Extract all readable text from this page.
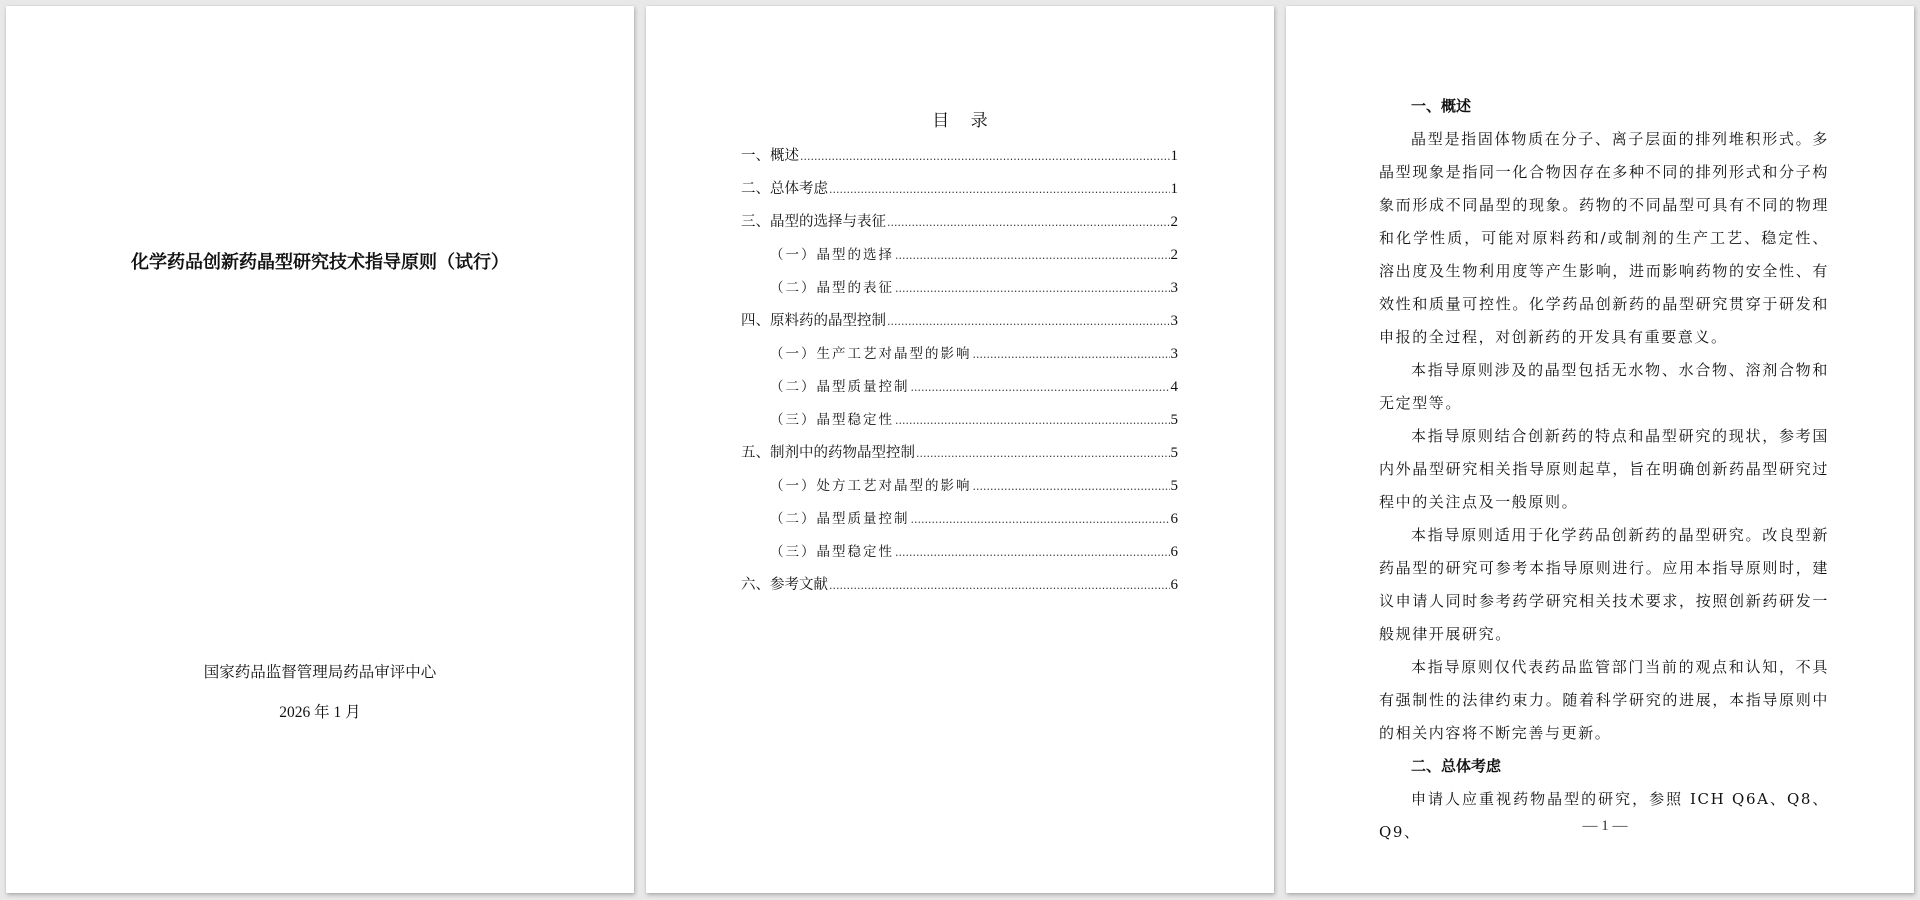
化学药品创新药晶型研究技术指导原则（试行）
国家药品监督管理局药品审评中心
2026 年 1 月
目 录
一、概述 .....	1
二、总体考虑 .....	1
三、晶型的选择与表征 .....	2
（一）晶型的选择 .....	2
（二）晶型的表征 .....	3
四、原料药的晶型控制 .....	3
（一）生产工艺对晶型的影响 .....	3
（二）晶型质量控制 .....	4
（三）晶型稳定性 .....	5
五、制剂中的药物晶型控制 .....	5
（一）处方工艺对晶型的影响 .....	5
（二）晶型质量控制 .....	6
（三）晶型稳定性 .....	6
六、参考文献 .....	6
一、概述

晶型是指固体物质在分子、离子层面的排列堆积形式。多晶型现象是指同一化合物因存在多种不同的排列形式和分子构象而形成不同晶型的现象。药物的不同晶型可具有不同的物理和化学性质，可能对原料药和/或制剂的生产工艺、稳定性、溶出度及生物利用度等产生影响，进而影响药物的安全性、有效性和质量可控性。化学药品创新药的晶型研究贯穿于研发和申报的全过程，对创新药的开发具有重要意义。

本指导原则涉及的晶型包括无水物、水合物、溶剂合物和无定型等。

本指导原则结合创新药的特点和晶型研究的现状，参考国内外晶型研究相关指导原则起草，旨在明确创新药晶型研究过程中的关注点及一般原则。

本指导原则适用于化学药品创新药的晶型研究。改良型新药晶型的研究可参考本指导原则进行。应用本指导原则时，建议申请人同时参考药学研究相关技术要求，按照创新药研发一般规律开展研究。

本指导原则仅代表药品监管部门当前的观点和认知，不具有强制性的法律约束力。随着科学研究的进展，本指导原则中的相关内容将不断完善与更新。

二、总体考虑

申请人应重视药物晶型的研究，参照 ICH Q6A、Q8、Q9、	— 1 —
